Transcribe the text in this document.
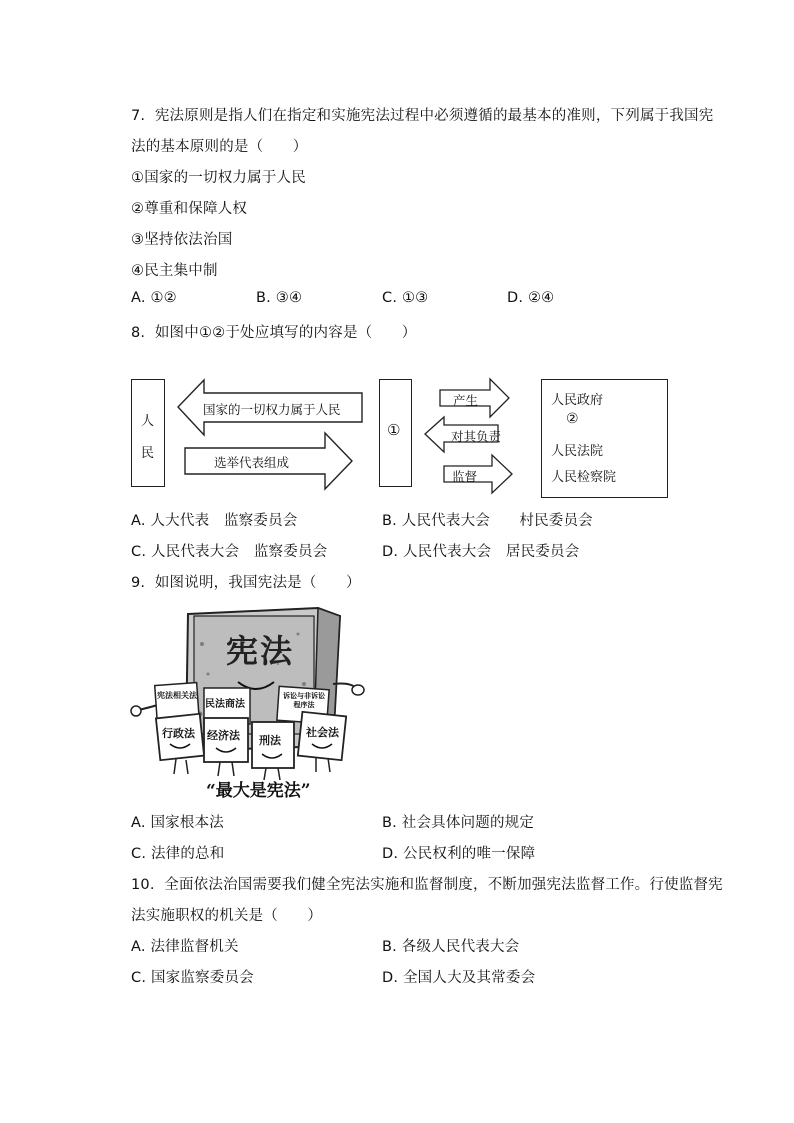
7.  宪法原则是指人们在指定和实施宪法过程中必须遵循的最基本的准则，下列属于我国宪
法的基本原则的是（　　）
①国家的一切权力属于人民
②尊重和保障人权
③坚持依法治国
④民主集中制
A. ①②	B. ③④	C. ①③	D. ②④
8.  如图中①②于处应填写的内容是（　　）
人
民
国家的一切权力属于人民
选举代表组成
①
产生
对其负责
监督
人民政府
②
人民法院
人民检察院
A. 人大代表　监察委员会	B. 人民代表大会　　村民委员会
C. 人民代表大会　监察委员会	D. 人民代表大会　居民委员会
9.  如图说明，我国宪法是（　　）
宪法
宪法相关法
民法商法
诉讼与非诉讼程序法
行政法 经济法 刑法
社会法
“最大是宪法”
A. 国家根本法	B. 社会具体问题的规定
C. 法律的总和	D. 公民权利的唯一保障
10.  全面依法治国需要我们健全宪法实施和监督制度，不断加强宪法监督工作。行使监督宪
法实施职权的机关是（　　）
A. 法律监督机关	B. 各级人民代表大会
C. 国家监察委员会	D. 全国人大及其常委会
